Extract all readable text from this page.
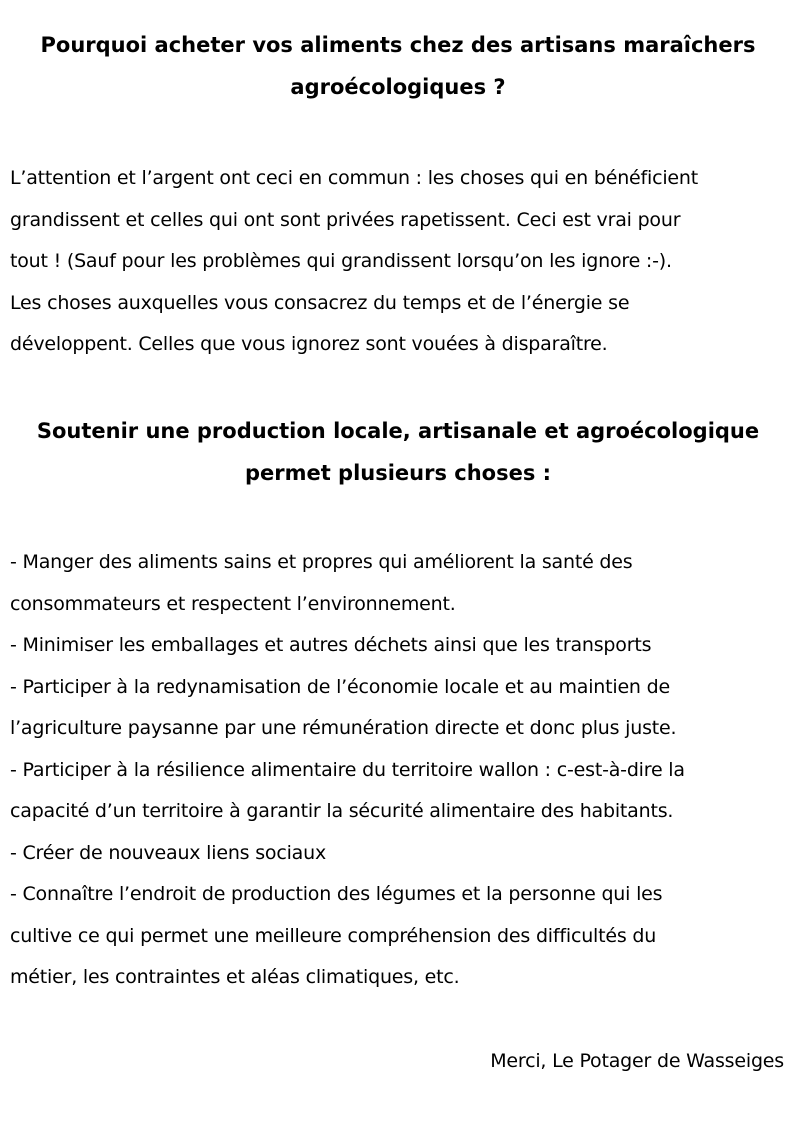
Pourquoi acheter vos aliments chez des artisans maraîchers
agroécologiques ?

L’attention et l’argent ont ceci en commun : les choses qui en bénéficient
grandissent et celles qui ont sont privées rapetissent. Ceci est vrai pour
tout ! (Sauf pour les problèmes qui grandissent lorsqu’on les ignore :-).
Les choses auxquelles vous consacrez du temps et de l’énergie se
développent. Celles que vous ignorez sont vouées à disparaître.

Soutenir une production locale, artisanale et agroécologique
permet plusieurs choses :
- Manger des aliments sains et propres qui améliorent la santé des
consommateurs et respectent l’environnement.
- Minimiser les emballages et autres déchets ainsi que les transports
- Participer à la redynamisation de l’économie locale et au maintien de
l’agriculture paysanne par une rémunération directe et donc plus juste.
- Participer à la résilience alimentaire du territoire wallon : c-est-à-dire la
capacité d’un territoire à garantir la sécurité alimentaire des habitants.
- Créer de nouveaux liens sociaux
- Connaître l’endroit de production des légumes et la personne qui les
cultive ce qui permet une meilleure compréhension des difficultés du
métier, les contraintes et aléas climatiques, etc.

Merci, Le Potager de Wasseiges
